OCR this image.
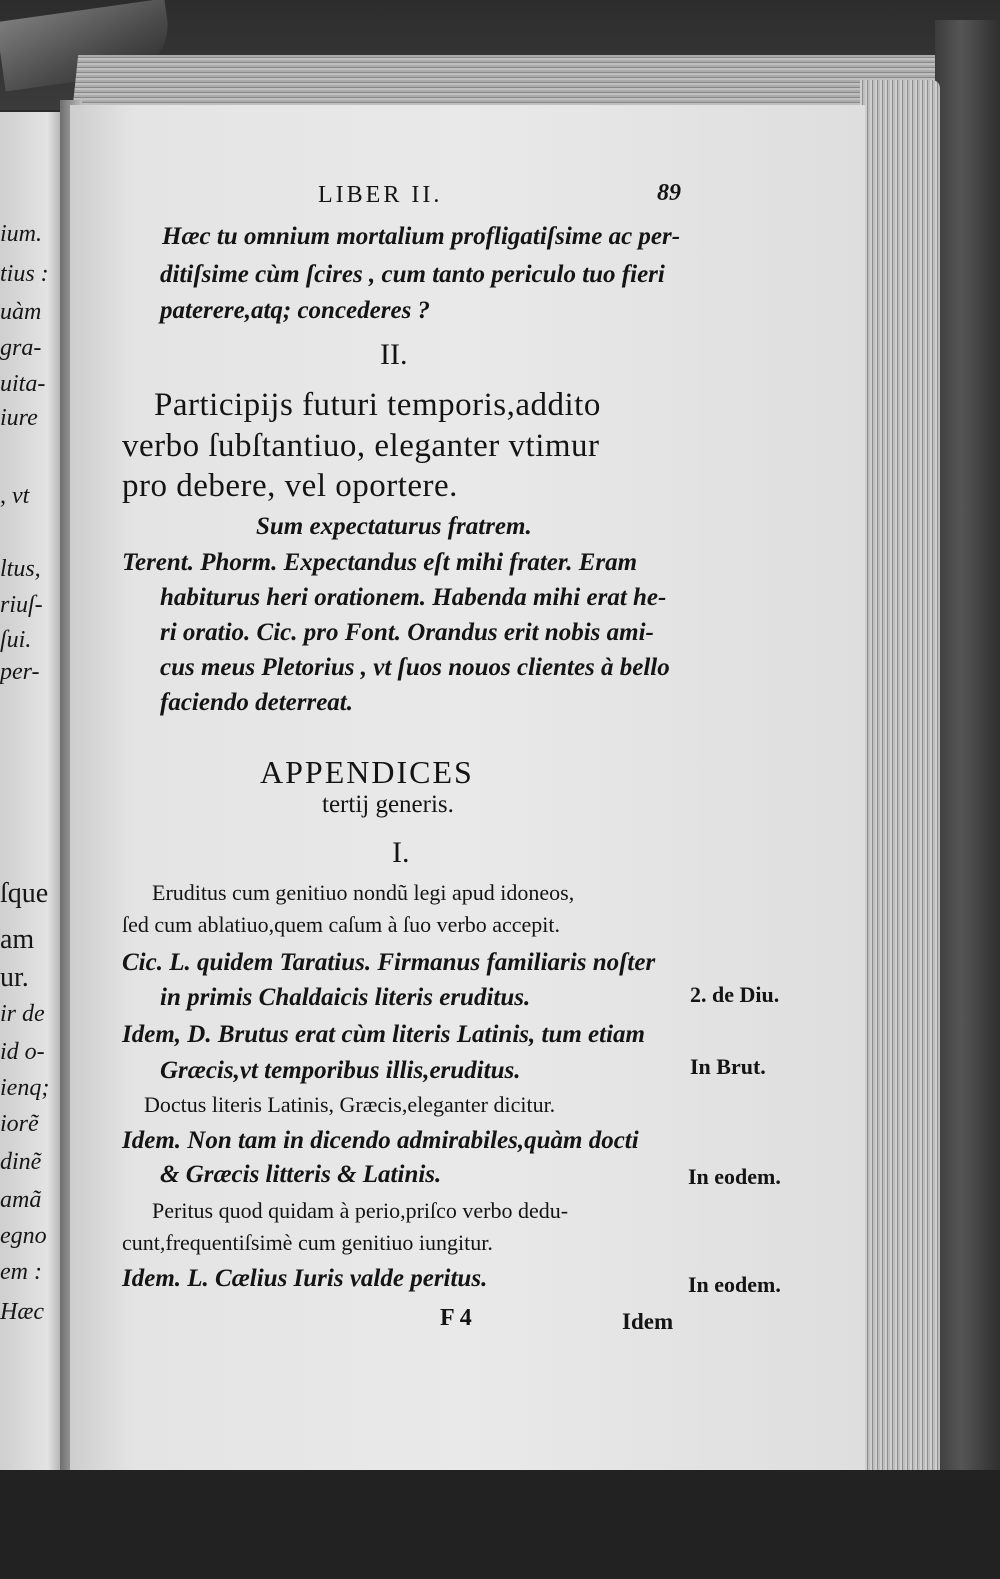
ium.
tius :
uàm
gra-
uita-
iure
, vt
ltus,
riuſ-
ſui.
per-
ſque
am
ur.
ir de
id o-
ienq;
iorẽ
dinẽ
amã
egno
em :
Hæc
LIBER II.	89
Hæc tu omnium mortalium profligatiſsime ac per-
ditiſsime cùm ſcires , cum tanto periculo tuo fieri
paterere,atq; concederes ?
II.
Participijs futuri temporis,addito
verbo ſubſtantiuo, eleganter vtimur
pro debere, vel oportere.
Sum expectaturus fratrem.
Terent. Phorm. Expectandus eſt mihi frater. Eram
habiturus heri orationem. Habenda mihi erat he-
ri oratio. Cic. pro Font. Orandus erit nobis ami-
cus meus Pletorius , vt ſuos nouos clientes à bello
faciendo deterreat.
APPENDICES
tertij generis.
I.
Eruditus cum genitiuo nondũ legi apud idoneos,
ſed cum ablatiuo,quem caſum à ſuo verbo accepit.
Cic. L. quidem Taratius. Firmanus familiaris noſter
in primis Chaldaicis literis eruditus.
Idem, D. Brutus erat cùm literis Latinis, tum etiam
Græcis,vt temporibus illis,eruditus.
Doctus literis Latinis, Græcis,eleganter dicitur.
Idem. Non tam in dicendo admirabiles,quàm docti
& Græcis litteris & Latinis.
Peritus quod quidam à perio,priſco verbo dedu-
cunt,frequentiſsimè cum genitiuo iungitur.
Idem. L. Cælius Iuris valde peritus.
2. de Diu.
In Brut.
In eodem.
In eodem.
F 4	Idem
